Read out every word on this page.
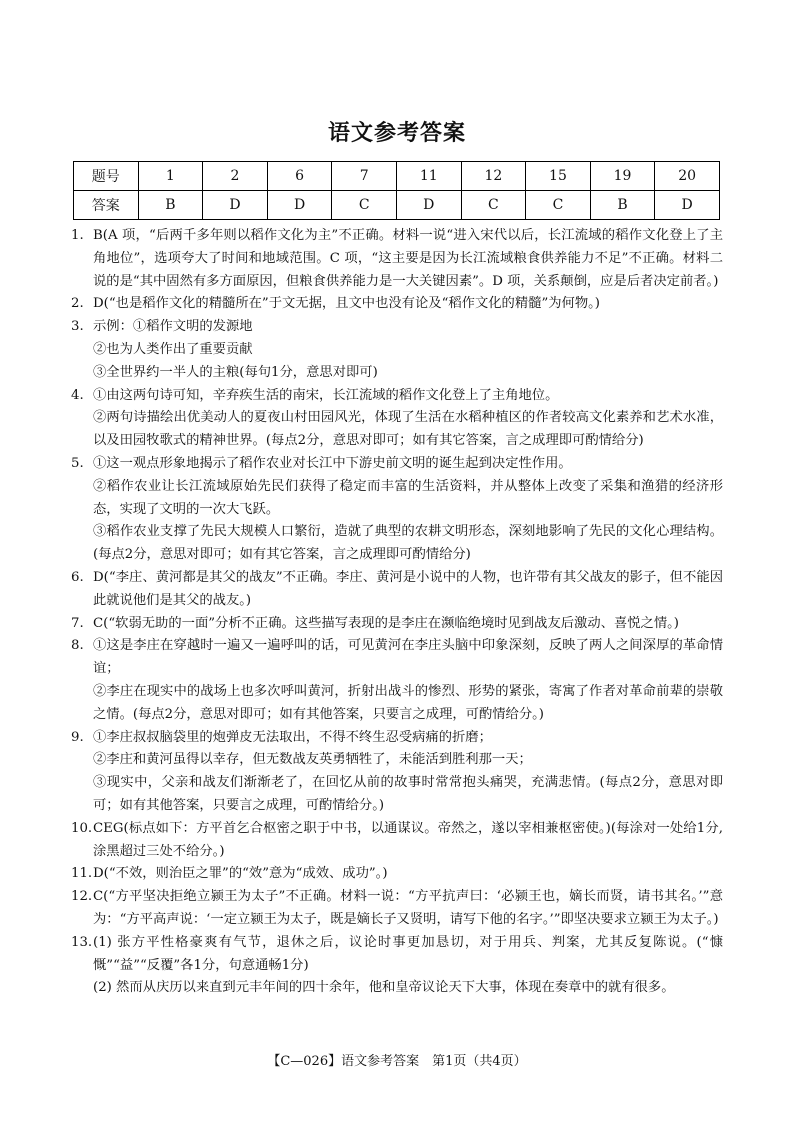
语文参考答案
题号	1	2	6	7	11	12	15	19	20
答案	B	D	D	C	D	C	C	B	D
1. B(A 项，“后两千多年则以稻作文化为主”不正确。材料一说“进入宋代以后，长江流域的稻作文化登上了主角地位”，选项夸大了时间和地域范围。C 项，“这主要是因为长江流域粮食供养能力不足”不正确。材料二说的是“其中固然有多方面原因，但粮食供养能力是一大关键因素”。D 项，关系颠倒，应是后者决定前者。)
2. D(“也是稻作文化的精髓所在”于文无据，且文中也没有论及“稻作文化的精髓”为何物。)
3. 示例：①稻作文明的发源地
②也为人类作出了重要贡献
③全世界约一半人的主粮(每句1分，意思对即可)
4. ①由这两句诗可知，辛弃疾生活的南宋，长江流域的稻作文化登上了主角地位。
②两句诗描绘出优美动人的夏夜山村田园风光，体现了生活在水稻种植区的作者较高文化素养和艺术水准，以及田园牧歌式的精神世界。(每点2分，意思对即可；如有其它答案，言之成理即可酌情给分)
5. ①这一观点形象地揭示了稻作农业对长江中下游史前文明的诞生起到决定性作用。
②稻作农业让长江流域原始先民们获得了稳定而丰富的生活资料，并从整体上改变了采集和渔猎的经济形态，实现了文明的一次大飞跃。
③稻作农业支撑了先民大规模人口繁衍，造就了典型的农耕文明形态，深刻地影响了先民的文化心理结构。(每点2分，意思对即可；如有其它答案，言之成理即可酌情给分)
6. D(“李庄、黄河都是其父的战友”不正确。李庄、黄河是小说中的人物，也许带有其父战友的影子，但不能因此就说他们是其父的战友。)
7. C(“软弱无助的一面”分析不正确。这些描写表现的是李庄在濒临绝境时见到战友后激动、喜悦之情。)
8. ①这是李庄在穿越时一遍又一遍呼叫的话，可见黄河在李庄头脑中印象深刻，反映了两人之间深厚的革命情谊；
②李庄在现实中的战场上也多次呼叫黄河，折射出战斗的惨烈、形势的紧张，寄寓了作者对革命前辈的崇敬之情。(每点2分，意思对即可；如有其他答案，只要言之成理，可酌情给分。)
9. ①李庄叔叔脑袋里的炮弹皮无法取出，不得不终生忍受病痛的折磨；
②李庄和黄河虽得以幸存，但无数战友英勇牺牲了，未能活到胜利那一天；
③现实中，父亲和战友们渐渐老了，在回忆从前的故事时常常抱头痛哭，充满悲情。(每点2分，意思对即可；如有其他答案，只要言之成理，可酌情给分。)
10. CEG(标点如下：方平首乞合枢密之职于中书，以通谋议。帝然之，遂以宰相兼枢密使。)(每涂对一处给1分,涂黑超过三处不给分。)
11. D(“不效，则治臣之罪”的“效”意为“成效、成功”。)
12. C(“方平坚决拒绝立颍王为太子”不正确。材料一说：“方平抗声曰：‘必颍王也，嫡长而贤，请书其名。’”意为：“方平高声说：‘一定立颍王为太子，既是嫡长子又贤明，请写下他的名字。’”即坚决要求立颍王为太子。)
13. (1) 张方平性格豪爽有气节，退休之后，议论时事更加恳切，对于用兵、判案，尤其反复陈说。(“慷慨”“益”“反覆”各1分，句意通畅1分)
(2) 然而从庆历以来直到元丰年间的四十余年，他和皇帝议论天下大事，体现在奏章中的就有很多。
【C—026】语文参考答案　第1页（共4页）
